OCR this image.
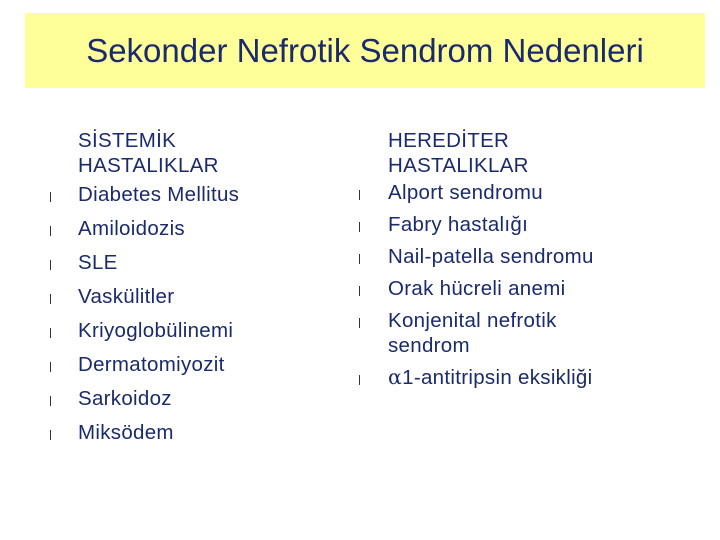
Sekonder Nefrotik Sendrom Nedenleri
SİSTEMİK
HASTALIKLAR
Diabetes Mellitus
Amiloidozis
SLE
Vaskülitler
Kriyoglobülinemi
Dermatomiyozit
Sarkoidoz
Miksödem
HEREDİTER
HASTALIKLAR
Alport sendromu
Fabry hastalığı
Nail-patella sendromu
Orak hücreli anemi
Konjenital nefrotik
sendrom
α1-antitripsin eksikliği
